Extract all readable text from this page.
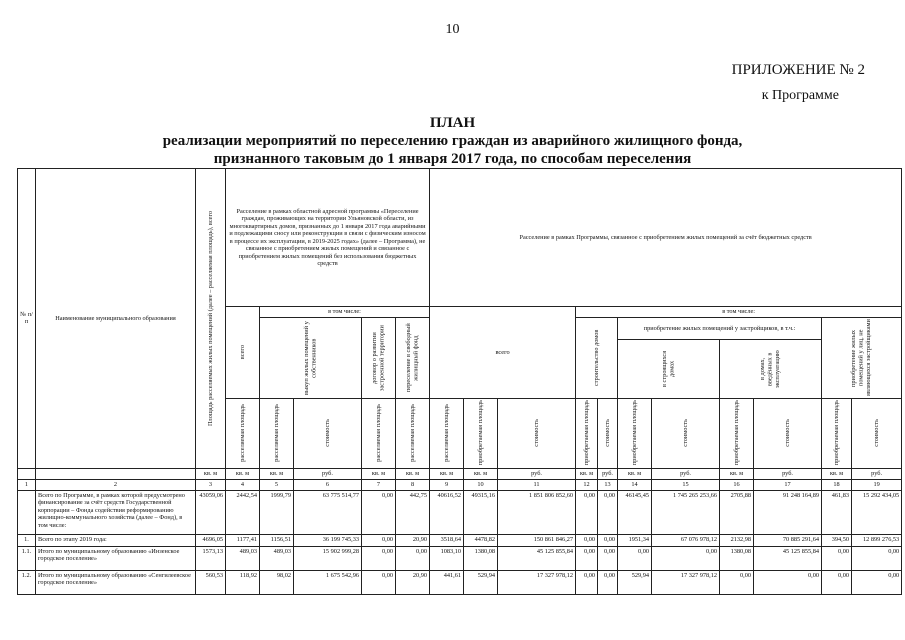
10
ПРИЛОЖЕНИЕ № 2
к Программе
ПЛАН
реализации мероприятий по переселению граждан из аварийного жилищного фонда,
признанного таковым до 1 января 2017 года, по способам переселения
№ п/п	Наименование муниципального образования	Площадь расселяемых жилых помещений (далее – расселяемая площадь), всего	Расселение в рамках областной адресной программы «Переселение граждан, проживающих на территории Ульяновской области, из многоквартирных домов, признанных до 1 января 2017 года аварийными и подлежащими сносу или реконструкции в связи с физическим износом в процессе их эксплуатации, в 2019-2025 годах» (далее – Программа), не связанное с приобретением жилых помещений и связанное с приобретением жилых помещений без использования бюджетных средств					Расселение в рамках Программы, связанное с приобретением жилых помещений за счёт бюджетных средств										

			всего	в том числе:				всего			в том числе:							

				выкуп жилых помещений у собственников		договор о развитии застроенной территории	переселение в свободный жилищный фонд				строительство домов		приобретение жилых помещений у застройщиков, в т.ч.:				приобретение жилых помещений у лиц, не являющихся застройщиками	

													в строящихся домах		в домах, введённых в эксплуатацию			

			расселяемая площадь	расселяемая площадь	стоимость	расселяемая площадь	расселяемая площадь	расселяемая площадь	приобретаемая площадь	стоимость	приобретаемая площадь	стоимость	приобретаемая площадь	стоимость	приобретаемая площадь	стоимость	приобретаемая площадь	стоимость

		кв. м	кв. м	кв. м	руб.	кв. м	кв. м	кв. м	кв. м	руб.	кв. м	руб.	кв. м	руб.	кв. м	руб.	кв. м	руб.
1	2	3	4	5	6	7	8	9	10	11	12	13	14	15	16	17	18	19
	Всего по Программе, в рамках которой предусмотрено финансирование за счёт средств Государственной корпорации – Фонда содействия реформированию жилищно-коммунального хозяйства (далее – Фонд), в том числе:	43059,06	2442,54	1999,79	63 775 514,77	0,00	442,75	40616,52	49315,16	1 851 806 852,60	0,00	0,00	46145,45	1 745 265 253,66	2705,88	91 248 164,89	461,83	15 292 434,05
1.	Всего по этапу 2019 года:	4696,05	1177,41	1156,51	36 199 745,33	0,00	20,90	3518,64	4478,82	150 861 846,27	0,00	0,00	1951,34	67 076 978,12	2132,98	70 885 291,64	394,50	12 899 276,53
1.1.	Итого по муниципальному образованию «Инзенское городское поселение»	1573,13	489,03	489,03	15 902 999,28	0,00	0,00	1083,10	1380,08	45 125 855,84	0,00	0,00	0,00	0,00	1380,08	45 125 855,84	0,00	0,00
1.2.	Итого по муниципальному образованию «Сенгилеевское городское поселение»	560,53	118,92	98,02	1 675 542,96	0,00	20,90	441,61	529,94	17 327 978,12	0,00	0,00	529,94	17 327 978,12	0,00	0,00	0,00	0,00
